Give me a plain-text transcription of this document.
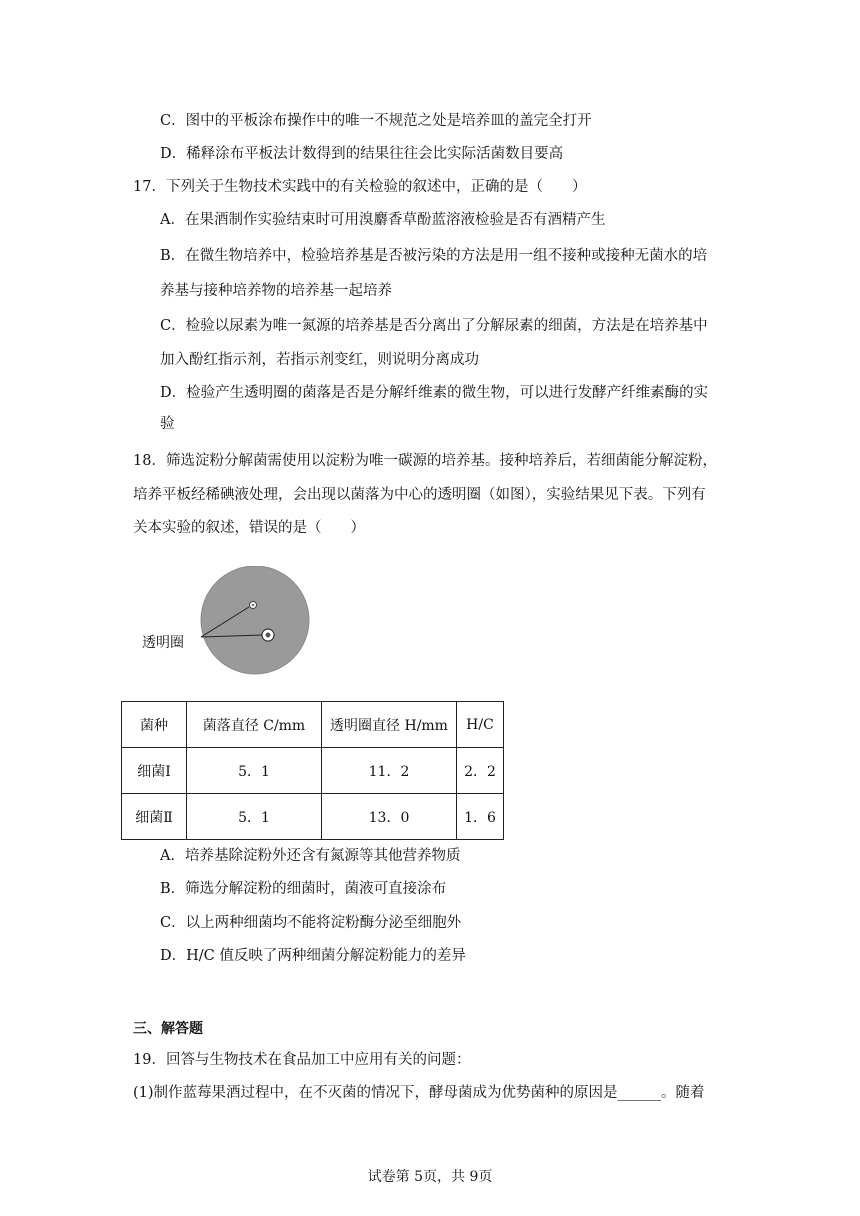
C．图中的平板涂布操作中的唯一不规范之处是培养皿的盖完全打开
D．稀释涂布平板法计数得到的结果往往会比实际活菌数目要高
17．下列关于生物技术实践中的有关检验的叙述中，正确的是（　　）
A．在果酒制作实验结束时可用溴麝香草酚蓝溶液检验是否有酒精产生
B．在微生物培养中，检验培养基是否被污染的方法是用一组不接种或接种无菌水的培
养基与接种培养物的培养基一起培养
C．检验以尿素为唯一氮源的培养基是否分离出了分解尿素的细菌，方法是在培养基中
加入酚红指示剂，若指示剂变红，则说明分离成功
D．检验产生透明圈的菌落是否是分解纤维素的微生物，可以进行发酵产纤维素酶的实
验
18．筛选淀粉分解菌需使用以淀粉为唯一碳源的培养基。接种培养后，若细菌能分解淀粉，
培养平板经稀碘液处理，会出现以菌落为中心的透明圈（如图），实验结果见下表。下列有
关本实验的叙述，错误的是（　　）
透明圈
菌种	菌落直径 C/mm	透明圈直径 H/mm	H/C
细菌Ⅰ	5．1	11．2	2．2
细菌Ⅱ	5．1	13．0	1．6
A．培养基除淀粉外还含有氮源等其他营养物质
B．筛选分解淀粉的细菌时，菌液可直接涂布
C．以上两种细菌均不能将淀粉酶分泌至细胞外
D．H/C 值反映了两种细菌分解淀粉能力的差异
三、解答题
19．回答与生物技术在食品加工中应用有关的问题：
(1)制作蓝莓果酒过程中，在不灭菌的情况下，酵母菌成为优势菌种的原因是______。随着
试卷第 5页，共 9页
